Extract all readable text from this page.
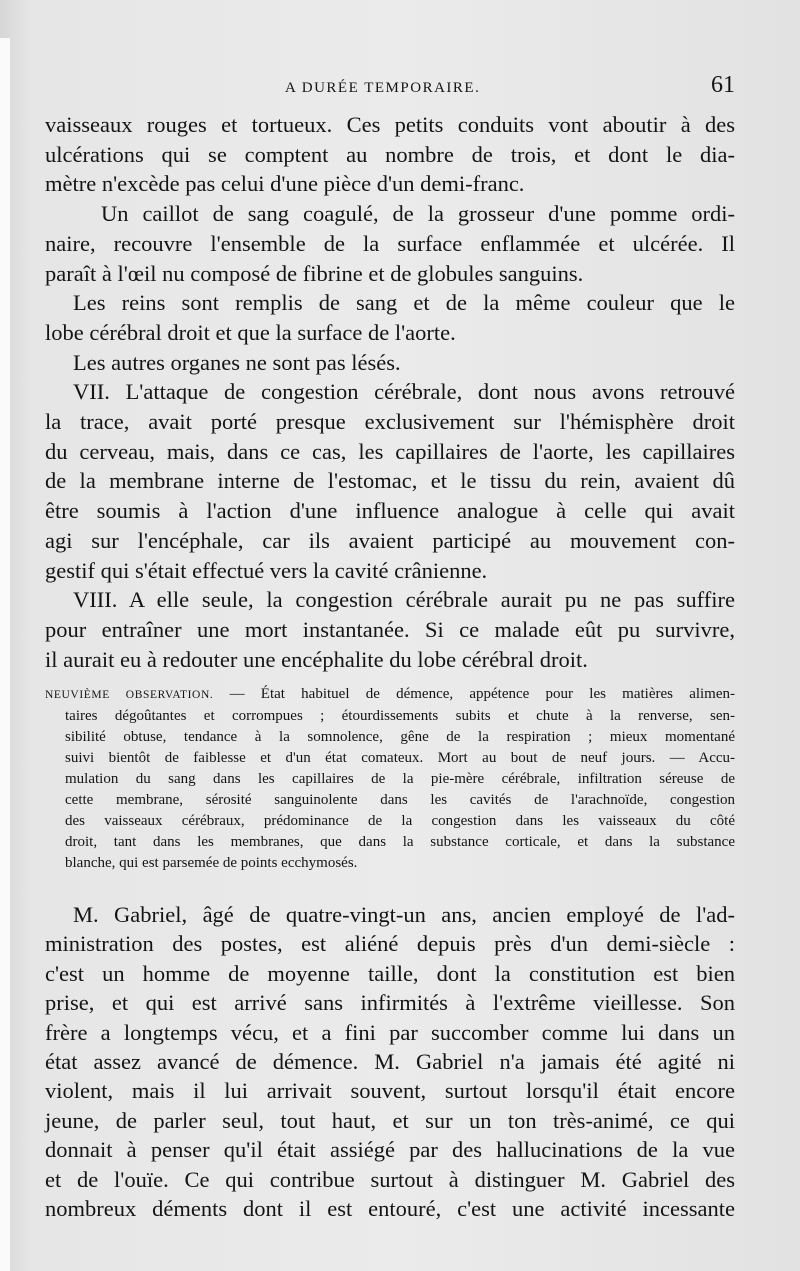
A DURÉE TEMPORAIRE.	61
vaisseaux rouges et tortueux. Ces petits conduits vont aboutir à des
ulcérations qui se comptent au nombre de trois, et dont le dia-
mètre n'excède pas celui d'une pièce d'un demi-franc.
Un caillot de sang coagulé, de la grosseur d'une pomme ordi-
naire, recouvre l'ensemble de la surface enflammée et ulcérée. Il
paraît à l'œil nu composé de fibrine et de globules sanguins.
Les reins sont remplis de sang et de la même couleur que le
lobe cérébral droit et que la surface de l'aorte.
Les autres organes ne sont pas lésés.
VII. L'attaque de congestion cérébrale, dont nous avons retrouvé
la trace, avait porté presque exclusivement sur l'hémisphère droit
du cerveau, mais, dans ce cas, les capillaires de l'aorte, les capillaires
de la membrane interne de l'estomac, et le tissu du rein, avaient dû
être soumis à l'action d'une influence analogue à celle qui avait
agi sur l'encéphale, car ils avaient participé au mouvement con-
gestif qui s'était effectué vers la cavité crânienne.
VIII. A elle seule, la congestion cérébrale aurait pu ne pas suffire
pour entraîner une mort instantanée. Si ce malade eût pu survivre,
il aurait eu à redouter une encéphalite du lobe cérébral droit.
NEUVIÈME OBSERVATION. — État habituel de démence, appétence pour les matières alimen-
taires dégoûtantes et corrompues ; étourdissements subits et chute à la renverse, sen-
sibilité obtuse, tendance à la somnolence, gêne de la respiration ; mieux momentané
suivi bientôt de faiblesse et d'un état comateux. Mort au bout de neuf jours. — Accu-
mulation du sang dans les capillaires de la pie-mère cérébrale, infiltration séreuse de
cette membrane, sérosité sanguinolente dans les cavités de l'arachnoïde, congestion
des vaisseaux cérébraux, prédominance de la congestion dans les vaisseaux du côté
droit, tant dans les membranes, que dans la substance corticale, et dans la substance
blanche, qui est parsemée de points ecchymosés.
M. Gabriel, âgé de quatre-vingt-un ans, ancien employé de l'ad-
ministration des postes, est aliéné depuis près d'un demi-siècle :
c'est un homme de moyenne taille, dont la constitution est bien
prise, et qui est arrivé sans infirmités à l'extrême vieillesse. Son
frère a longtemps vécu, et a fini par succomber comme lui dans un
état assez avancé de démence. M. Gabriel n'a jamais été agité ni
violent, mais il lui arrivait souvent, surtout lorsqu'il était encore
jeune, de parler seul, tout haut, et sur un ton très-animé, ce qui
donnait à penser qu'il était assiégé par des hallucinations de la vue
et de l'ouïe. Ce qui contribue surtout à distinguer M. Gabriel des
nombreux déments dont il est entouré, c'est une activité incessante
